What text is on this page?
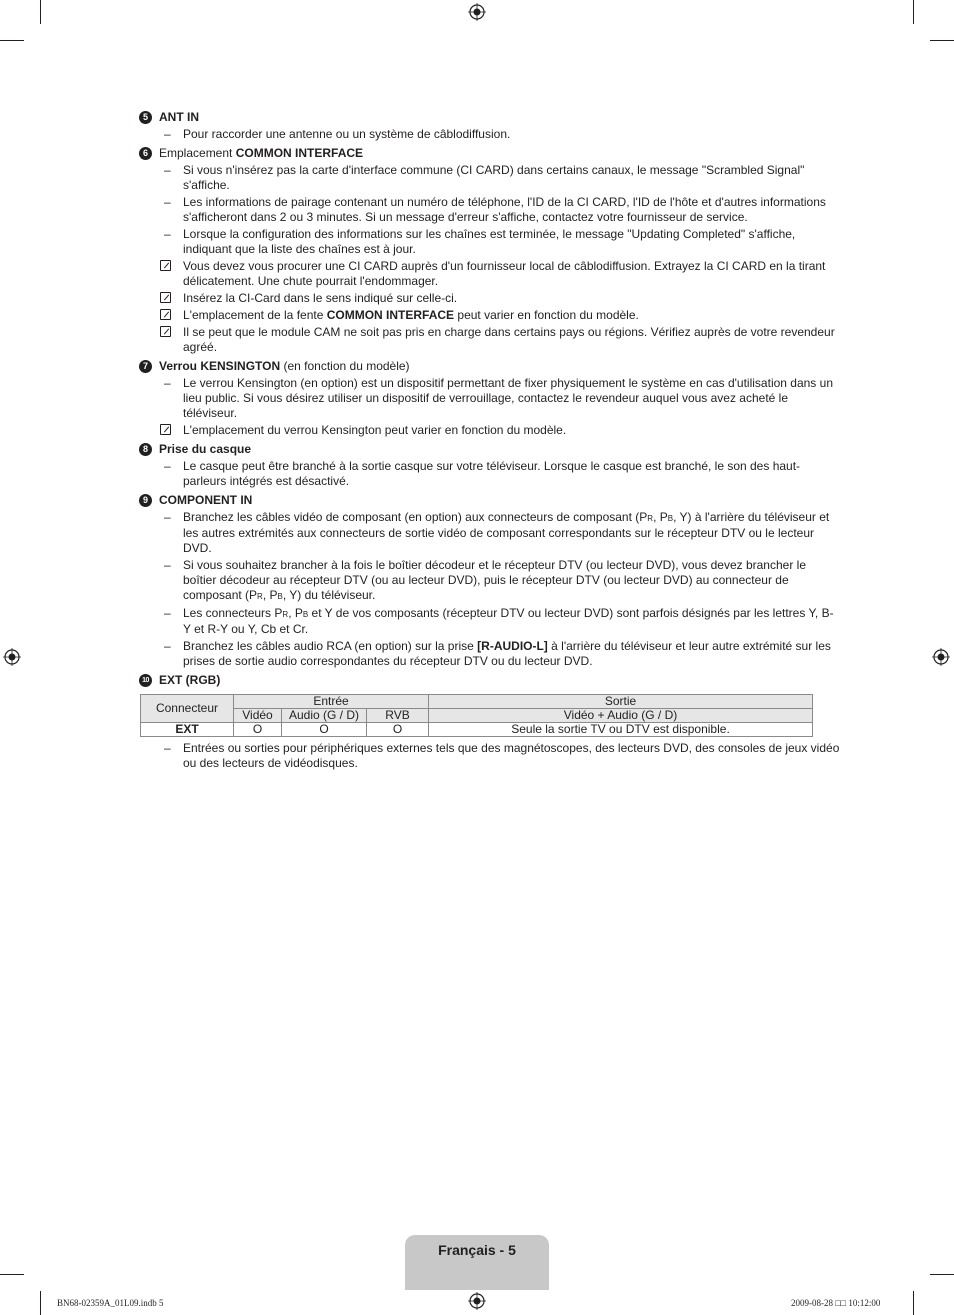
5 ANT IN
– Pour raccorder une antenne ou un système de câblodiffusion.
6 Emplacement COMMON INTERFACE
– Si vous n'insérez pas la carte d'interface commune (CI CARD) dans certains canaux, le message "Scrambled Signal" s'affiche.
– Les informations de pairage contenant un numéro de téléphone, l'ID de la CI CARD, l'ID de l'hôte et d'autres informations s'afficheront dans 2 ou 3 minutes. Si un message d'erreur s'affiche, contactez votre fournisseur de service.
– Lorsque la configuration des informations sur les chaînes est terminée, le message "Updating Completed" s'affiche, indiquant que la liste des chaînes est à jour.
Vous devez vous procurer une CI CARD auprès d'un fournisseur local de câblodiffusion. Extrayez la CI CARD en la tirant délicatement. Une chute pourrait l'endommager.
Insérez la CI-Card dans le sens indiqué sur celle-ci.
L'emplacement de la fente COMMON INTERFACE peut varier en fonction du modèle.
Il se peut que le module CAM ne soit pas pris en charge dans certains pays ou régions. Vérifiez auprès de votre revendeur agréé.
7 Verrou KENSINGTON (en fonction du modèle)
– Le verrou Kensington (en option) est un dispositif permettant de fixer physiquement le système en cas d'utilisation dans un lieu public. Si vous désirez utiliser un dispositif de verrouillage, contactez le revendeur auquel vous avez acheté le téléviseur.
L'emplacement du verrou Kensington peut varier en fonction du modèle.
8 Prise du casque
– Le casque peut être branché à la sortie casque sur votre téléviseur. Lorsque le casque est branché, le son des haut-parleurs intégrés est désactivé.
9 COMPONENT IN
– Branchez les câbles vidéo de composant (en option) aux connecteurs de composant (PR, PB, Y) à l'arrière du téléviseur et les autres extrémités aux connecteurs de sortie vidéo de composant correspondants sur le récepteur DTV ou le lecteur DVD.
– Si vous souhaitez brancher à la fois le boîtier décodeur et le récepteur DTV (ou lecteur DVD), vous devez brancher le boîtier décodeur au récepteur DTV (ou au lecteur DVD), puis le récepteur DTV (ou lecteur DVD) au connecteur de composant (PR, PB, Y) du téléviseur.
– Les connecteurs PR, PB et Y de vos composants (récepteur DTV ou lecteur DVD) sont parfois désignés par les lettres Y, B-Y et R-Y ou Y, Cb et Cr.
– Branchez les câbles audio RCA (en option) sur la prise [R-AUDIO-L] à l'arrière du téléviseur et leur autre extrémité sur les prises de sortie audio correspondantes du récepteur DTV ou du lecteur DVD.
10 EXT (RGB)
Connecteur	Entrée			Sortie
	Vidéo	Audio (G / D)	RVB	Vidéo + Audio (G / D)
EXT	O	O	O	Seule la sortie TV ou DTV est disponible.
– Entrées ou sorties pour périphériques externes tels que des magnétoscopes, des lecteurs DVD, des consoles de jeux vidéo ou des lecteurs de vidéodisques.
Français - 5
BN68-02359A_01L09.indb 5	2009-08-28 □□ 10:12:00
